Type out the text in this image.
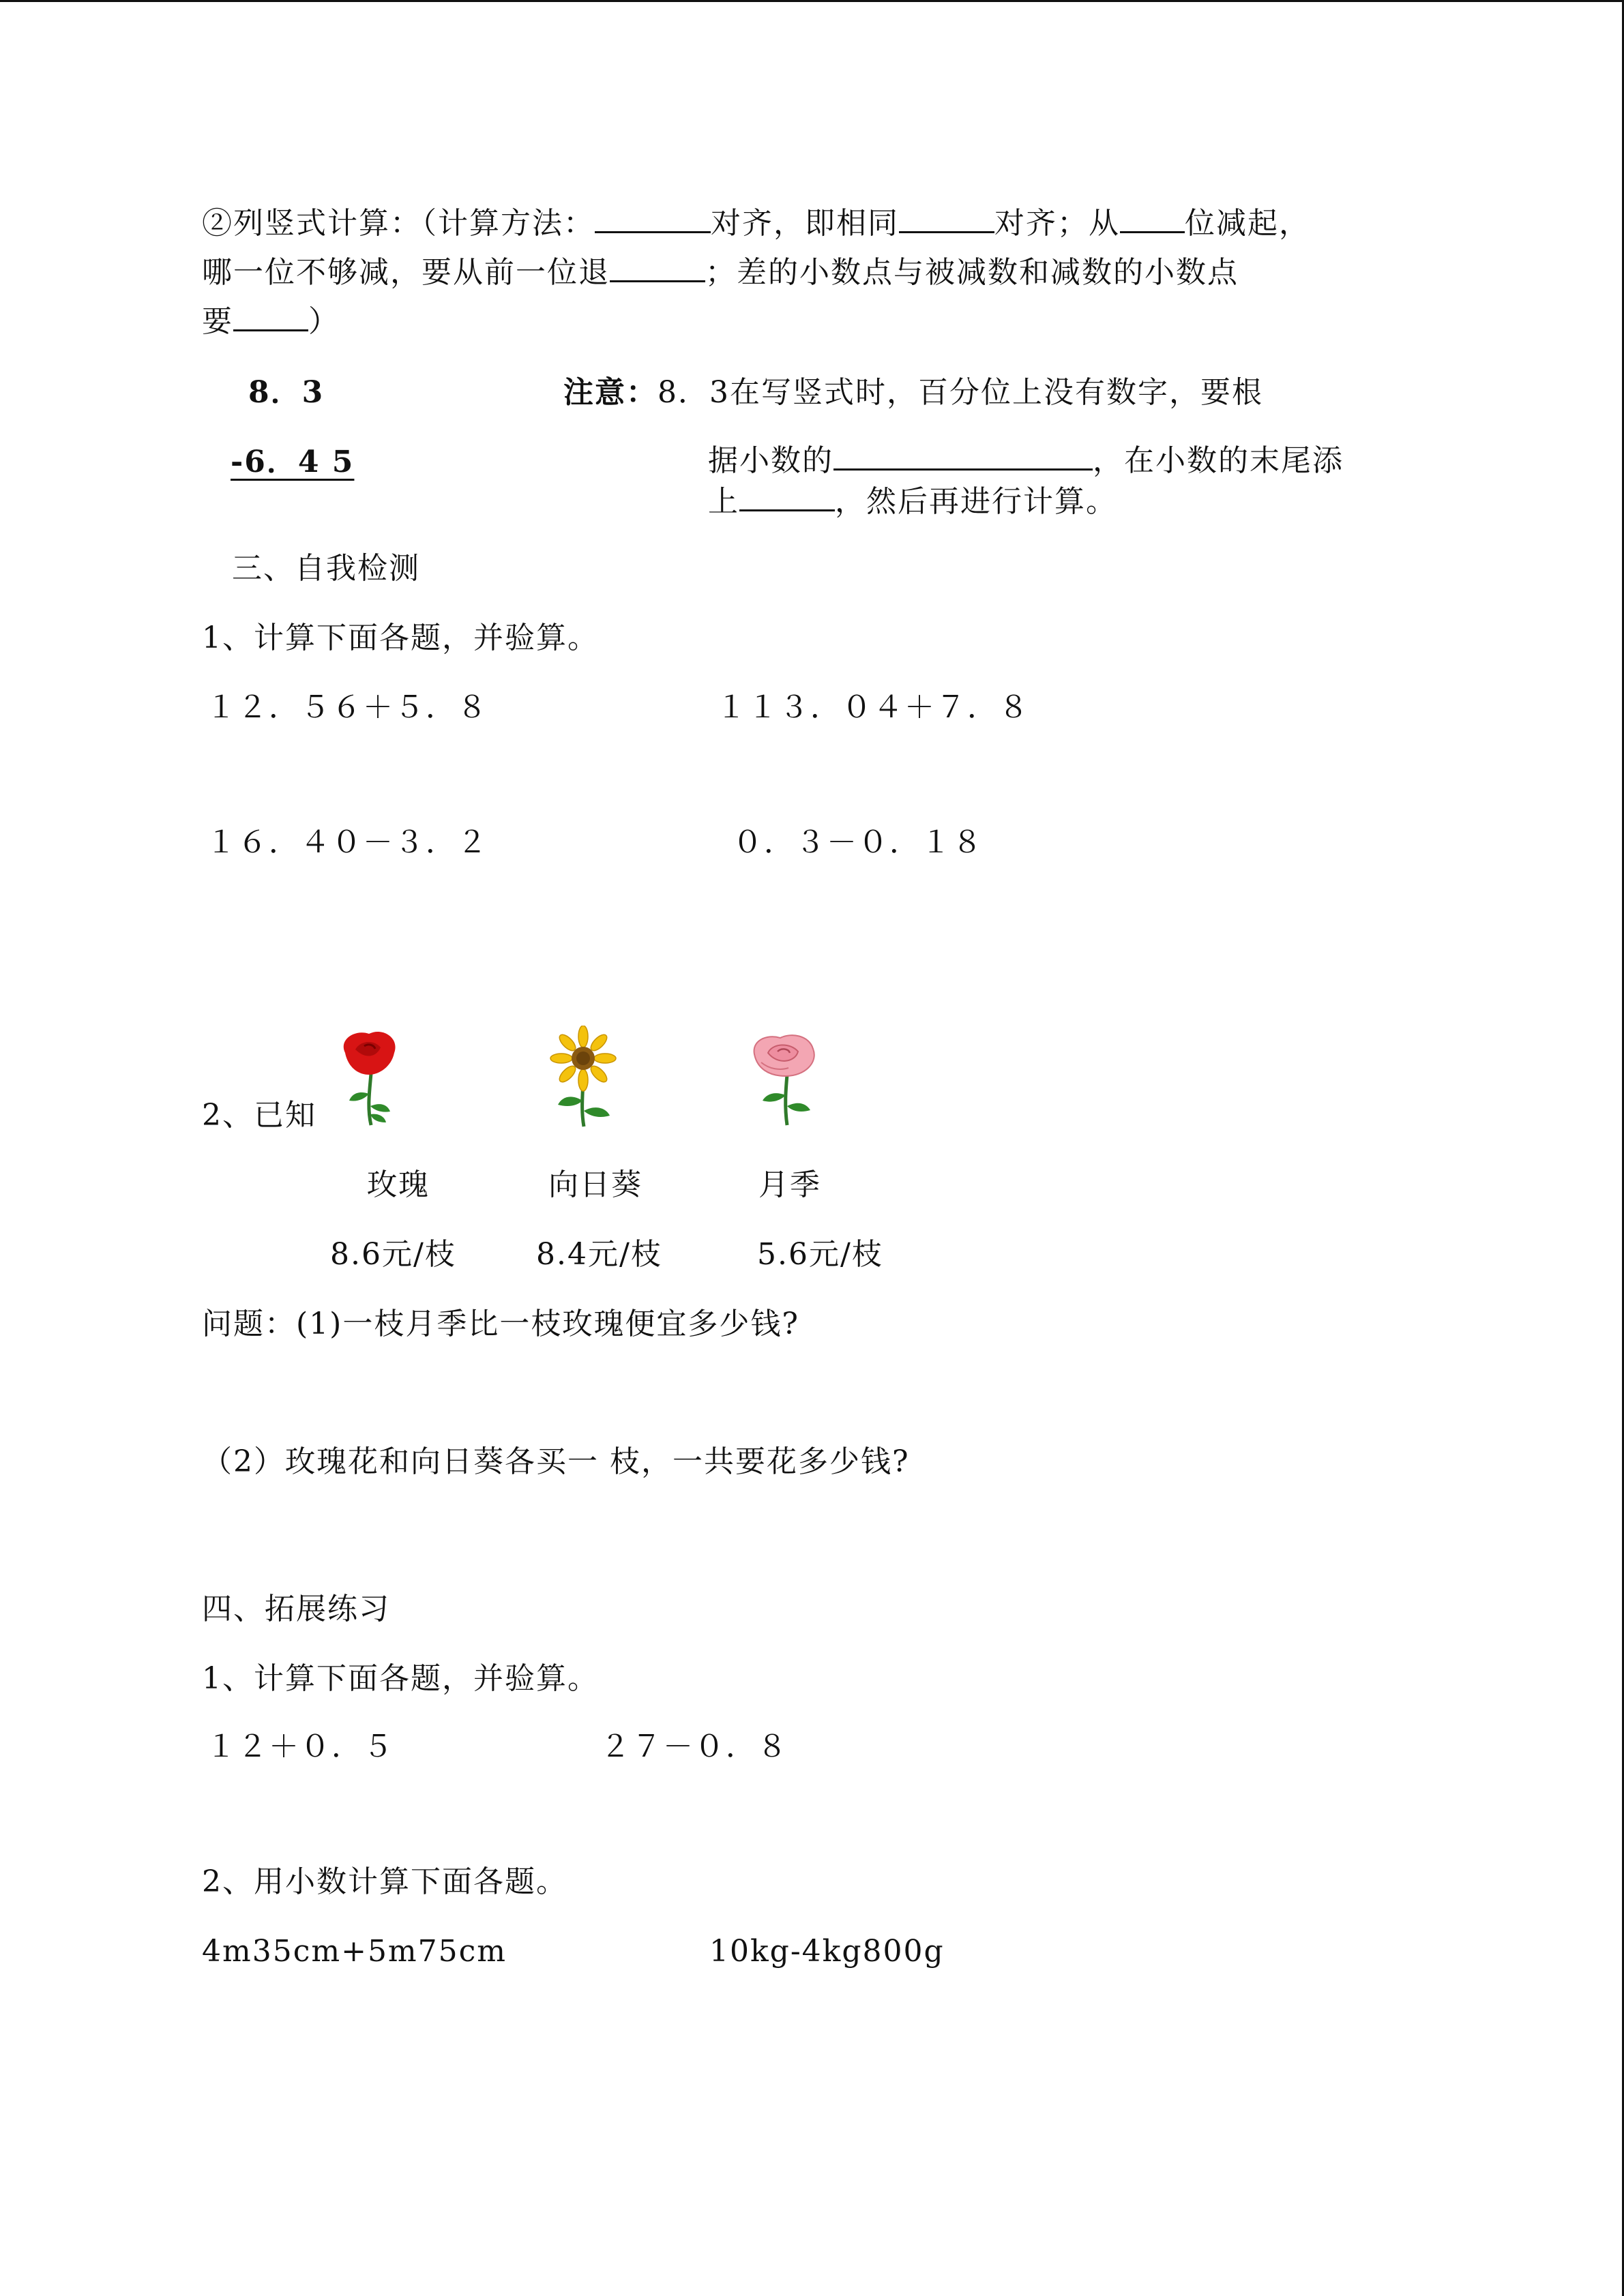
②列竖式计算：（计算方法：	对齐，即相同	对齐；从 位减起，
哪一位不够减，要从前一位退	；差的小数点与被减数和减数的小数点
要	）
8．3
-6．4 5
注意：8．3在写竖式时，百分位上没有数字，要根
据小数的	，在小数的末尾添
上	，然后再进行计算。
三、自我检测
1、计算下面各题，并验算。
１２．５６＋５．８	１１３．０４＋７．８
１６．４０－３．２	０．３－０．１８
2、已知
玫瑰	向日葵	月季
8.6元/枝	8.4元/枝	5.6元/枝
问题：(1)一枝月季比一枝玫瑰便宜多少钱?
（2）玫瑰花和向日葵各买一 枝，一共要花多少钱?
四、拓展练习
1、计算下面各题，并验算。
１２＋０．５	２７－０．８
2、用小数计算下面各题。
4m35cm+5m75cm	10kg-4kg800g
